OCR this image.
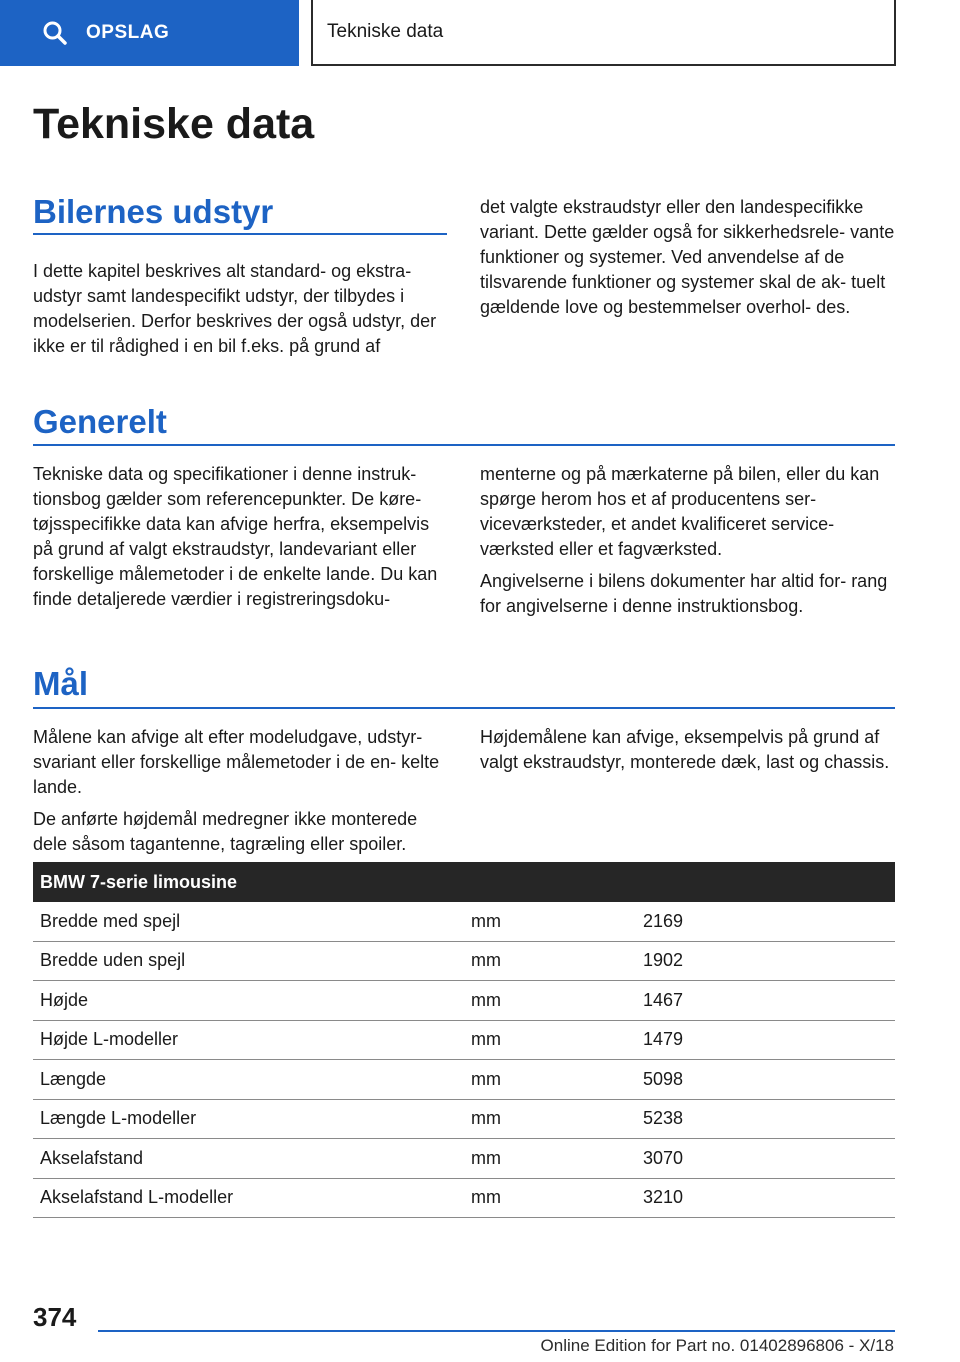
OPSLAG	Tekniske data
Tekniske data
Bilernes udstyr

I dette kapitel beskrives alt standard- og ekstra- udstyr samt landespecifikt udstyr, der tilbydes i modelserien. Derfor beskrives der også udstyr, der ikke er til rådighed i en bil f.eks. på grund af

det valgte ekstraudstyr eller den landespecifikke variant. Dette gælder også for sikkerhedsrele- vante funktioner og systemer. Ved anvendelse af de tilsvarende funktioner og systemer skal de ak- tuelt gældende love og bestemmelser overhol- des.

Generelt

Tekniske data og specifikationer i denne instruk- tionsbog gælder som referencepunkter. De køre- tøjsspecifikke data kan afvige herfra, eksempelvis på grund af valgt ekstraudstyr, landevariant eller forskellige målemetoder i de enkelte lande. Du kan finde detaljerede værdier i registreringsdoku-

menterne og på mærkaterne på bilen, eller du kan spørge herom hos et af producentens ser- viceværksteder, et andet kvalificeret service- værksted eller et fagværksted.

Angivelserne i bilens dokumenter har altid for- rang for angivelserne i denne instruktionsbog.

Mål

Målene kan afvige alt efter modeludgave, udstyr- svariant eller forskellige målemetoder i de en- kelte lande.

De anførte højdemål medregner ikke monterede dele såsom tagantenne, tagræling eller spoiler.

Højdemålene kan afvige, eksempelvis på grund af valgt ekstraudstyr, monterede dæk, last og chassis.

BMW 7-serie limousine
Bredde med spejl	mm	2169
Bredde uden spejl	mm	1902
Højde	mm	1467
Højde L-modeller	mm	1479
Længde	mm	5098
Længde L-modeller	mm	5238
Akselafstand	mm	3070
Akselafstand L-modeller	mm	3210
374
Online Edition for Part no. 01402896806 - X/18
